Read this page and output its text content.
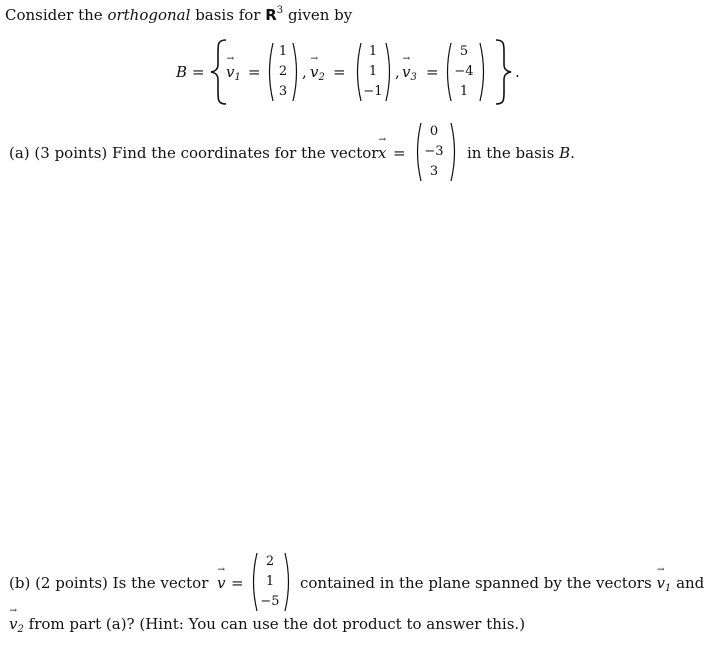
Consider the orthogonal basis for $R^3$ given by
B =
→
$v_1$ =
1
2
3
,
→
$v_2$ =
1
1
−1
,
→
$v_3$ =
5
−4
1
.
(a) (3 points) Find the coordinates for the vector
→
x =
0
−3
3
in the basis B.
(b) (2 points) Is the vector
→
v =
2
1
−5
contained in the plane spanned by the vectors
→
$v_1$ and
→
$v_2$ from part (a)? (Hint: You can use the dot product to answer this.)
